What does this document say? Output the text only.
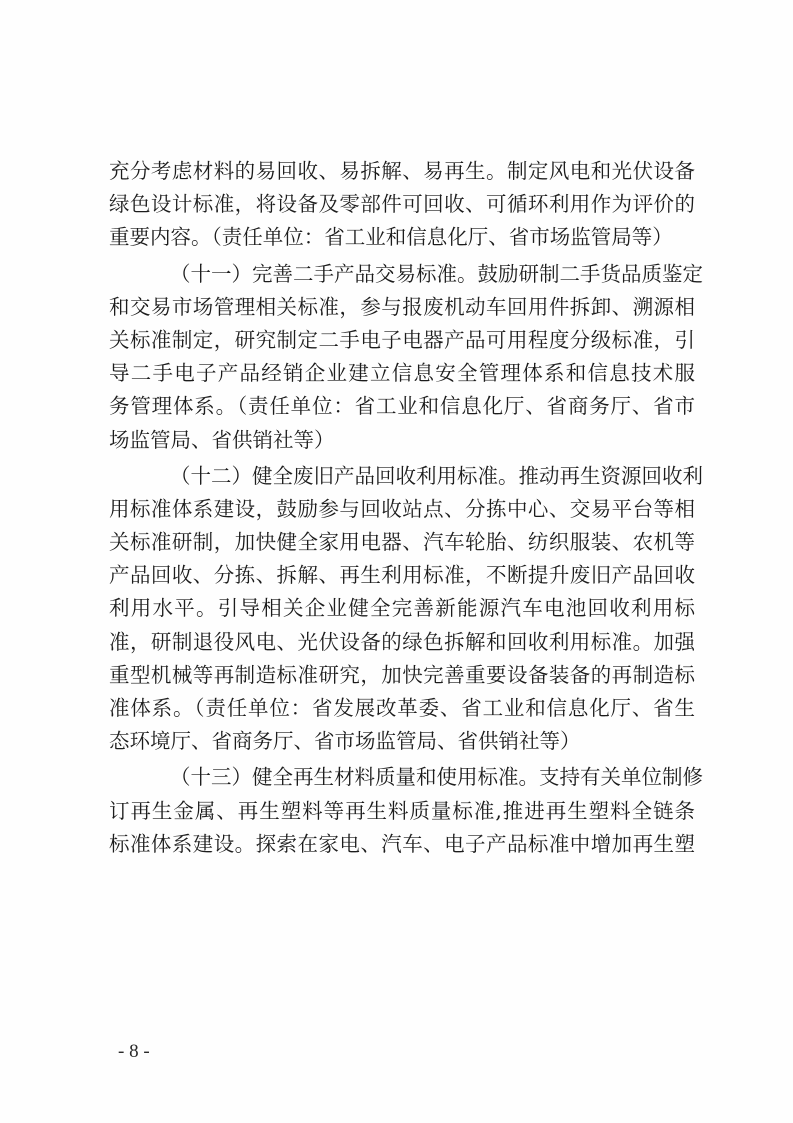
充分考虑材料的易回收、易拆解、易再生。制定风电和光伏设备
绿色设计标准，将设备及零部件可回收、可循环利用作为评价的
重要内容。（责任单位：省工业和信息化厅、省市场监管局等）
（十一）完善二手产品交易标准。鼓励研制二手货品质鉴定
和交易市场管理相关标准，参与报废机动车回用件拆卸、溯源相
关标准制定，研究制定二手电子电器产品可用程度分级标准，引
导二手电子产品经销企业建立信息安全管理体系和信息技术服
务管理体系。（责任单位：省工业和信息化厅、省商务厅、省市
场监管局、省供销社等）
（十二）健全废旧产品回收利用标准。推动再生资源回收利
用标准体系建设，鼓励参与回收站点、分拣中心、交易平台等相
关标准研制，加快健全家用电器、汽车轮胎、纺织服装、农机等
产品回收、分拣、拆解、再生利用标准，不断提升废旧产品回收
利用水平。引导相关企业健全完善新能源汽车电池回收利用标
准，研制退役风电、光伏设备的绿色拆解和回收利用标准。加强
重型机械等再制造标准研究，加快完善重要设备装备的再制造标
准体系。（责任单位：省发展改革委、省工业和信息化厅、省生
态环境厅、省商务厅、省市场监管局、省供销社等）
（十三）健全再生材料质量和使用标准。支持有关单位制修
订再生金属、再生塑料等再生料质量标准,推进再生塑料全链条
标准体系建设。探索在家电、汽车、电子产品标准中增加再生塑
- 8 -
